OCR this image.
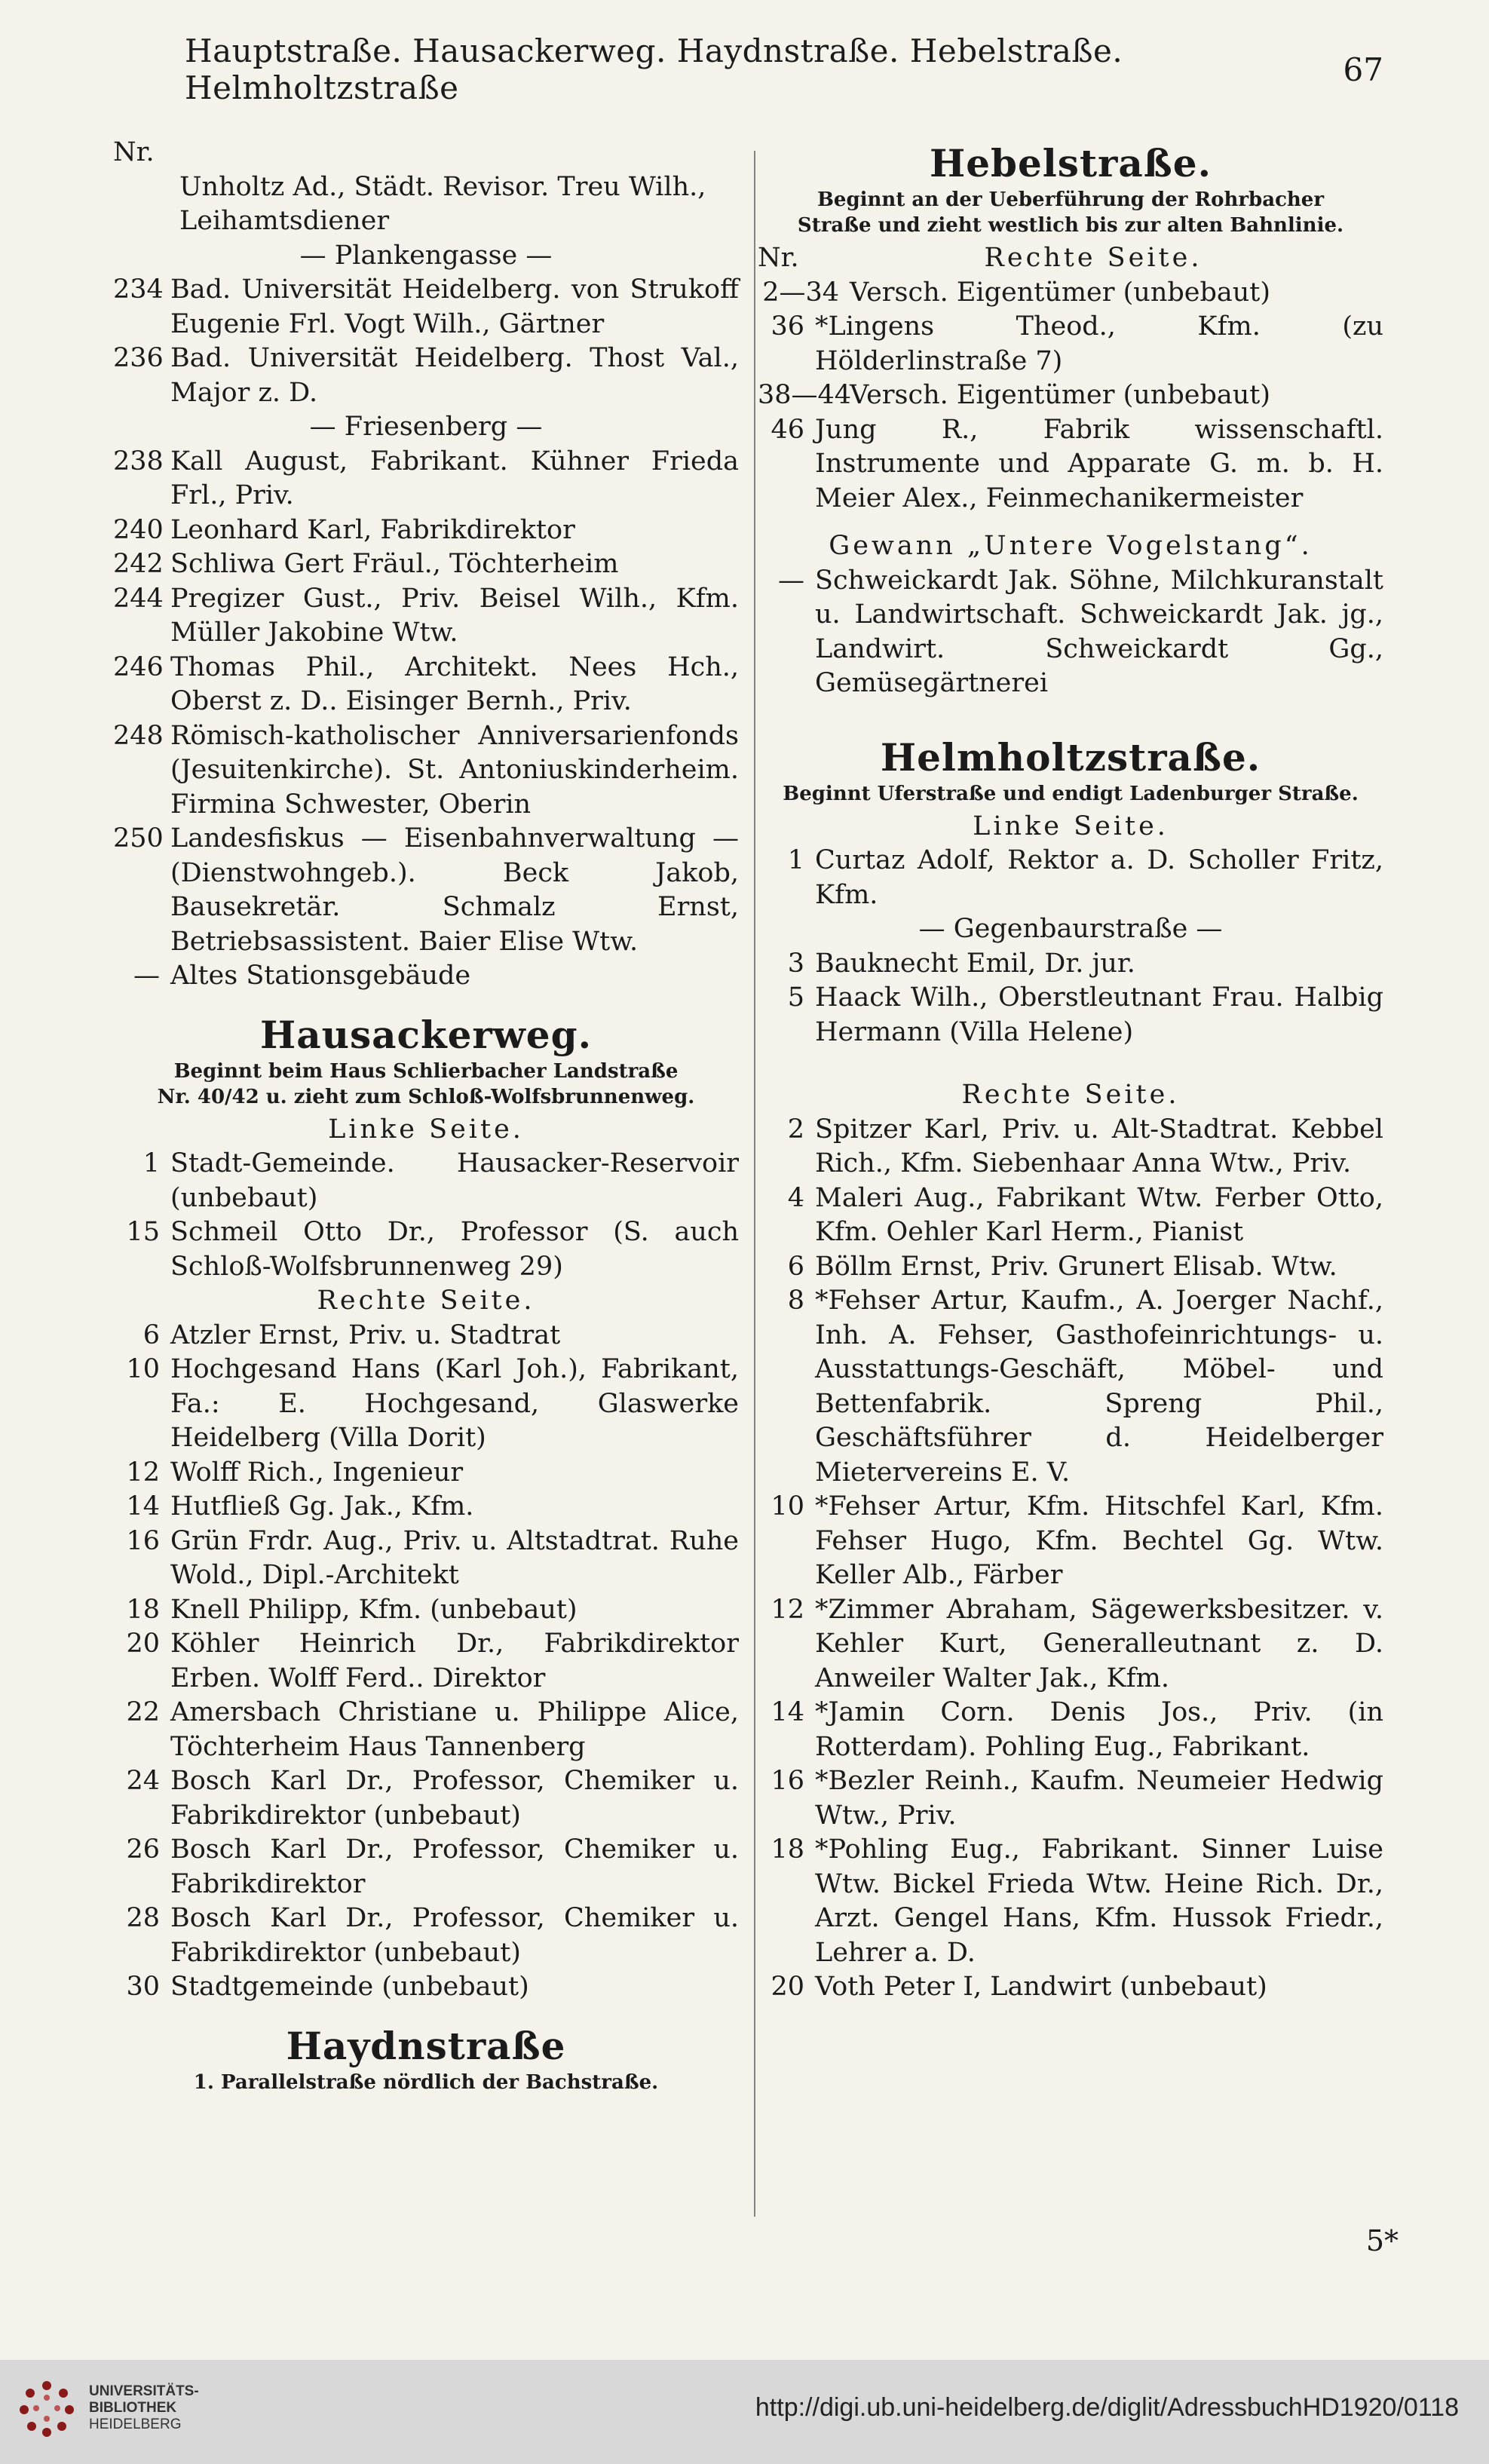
Hauptstraße. Hausackerweg. Haydnstraße. Hebelstraße. Helmholtzstraße	67
Nr.
Unholtz Ad., Städt. Revisor. Treu Wilh.,
Leihamtsdiener
— Plankengasse —
234 Bad. Universität Heidelberg. von Strukoff Eugenie Frl. Vogt Wilh., Gärtner
236 Bad. Universität Heidelberg. Thost Val., Major z. D.
— Friesenberg —
238 Kall August, Fabrikant. Kühner Frieda Frl., Priv.
240 Leonhard Karl, Fabrikdirektor
242 Schliwa Gert Fräul., Töchterheim
244 Pregizer Gust., Priv. Beisel Wilh., Kfm. Müller Jakobine Wtw.
246 Thomas Phil., Architekt. Nees Hch., Oberst z. D.. Eisinger Bernh., Priv.
248 Römisch-katholischer Anniversarienfonds (Jesuitenkirche). St. Antoniuskinderheim. Firmina Schwester, Oberin
250 Landesfiskus — Eisenbahnverwaltung — (Dienstwohngeb.). Beck Jakob, Bausekretär. Schmalz Ernst, Betriebsassistent. Baier Elise Wtw.
— Altes Stationsgebäude
Hausackerweg.
Beginnt beim Haus Schlierbacher Landstraße
Nr. 40/42 u. zieht zum Schloß-Wolfsbrunnenweg.
Linke Seite.
1 Stadt-Gemeinde. Hausacker-Reservoir (unbebaut)
15 Schmeil Otto Dr., Professor (S. auch Schloß-Wolfsbrunnenweg 29)
Rechte Seite.
6 Atzler Ernst, Priv. u. Stadtrat
10 Hochgesand Hans (Karl Joh.), Fabrikant, Fa.: E. Hochgesand, Glaswerke Heidelberg (Villa Dorit)
12 Wolff Rich., Ingenieur
14 Hutfließ Gg. Jak., Kfm.
16 Grün Frdr. Aug., Priv. u. Altstadtrat. Ruhe Wold., Dipl.-Architekt
18 Knell Philipp, Kfm. (unbebaut)
20 Köhler Heinrich Dr., Fabrikdirektor Erben. Wolff Ferd.. Direktor
22 Amersbach Christiane u. Philippe Alice, Töchterheim Haus Tannenberg
24 Bosch Karl Dr., Professor, Chemiker u. Fabrikdirektor (unbebaut)
26 Bosch Karl Dr., Professor, Chemiker u. Fabrikdirektor
28 Bosch Karl Dr., Professor, Chemiker u. Fabrikdirektor (unbebaut)
30 Stadtgemeinde (unbebaut)
Haydnstraße
1. Parallelstraße nördlich der Bachstraße.
Hebelstraße.
Beginnt an der Ueberführung der Rohrbacher
Straße und zieht westlich bis zur alten Bahnlinie.
Nr.	Rechte Seite.
2—34 Versch. Eigentümer (unbebaut)
36 *Lingens Theod., Kfm. (zu Hölderlinstraße 7)
38—44
Versch. Eigentümer (unbebaut)
46 Jung R., Fabrik wissenschaftl. Instrumente und Apparate G. m. b. H. Meier Alex., Feinmechanikermeister
Gewann „Untere Vogelstang“.
— Schweickardt Jak. Söhne, Milchkuranstalt u. Landwirtschaft. Schweickardt Jak. jg., Landwirt. Schweickardt Gg., Gemüsegärtnerei
Helmholtzstraße.
Beginnt Uferstraße und endigt Ladenburger Straße.
Linke Seite.
1 Curtaz Adolf, Rektor a. D. Scholler Fritz, Kfm.
— Gegenbaurstraße —
3 Bauknecht Emil, Dr. jur.
5 Haack Wilh., Oberstleutnant Frau. Halbig Hermann (Villa Helene)
Rechte Seite.
2 Spitzer Karl, Priv. u. Alt-Stadtrat. Kebbel Rich., Kfm. Siebenhaar Anna Wtw., Priv.
4 Maleri Aug., Fabrikant Wtw. Ferber Otto, Kfm. Oehler Karl Herm., Pianist
6 Böllm Ernst, Priv. Grunert Elisab. Wtw.
8 *Fehser Artur, Kaufm., A. Joerger Nachf., Inh. A. Fehser, Gasthofeinrichtungs- u. Ausstattungs-Geschäft, Möbel- und Bettenfabrik. Spreng Phil., Geschäftsführer d. Heidelberger Mietervereins E. V.
10 *Fehser Artur, Kfm. Hitschfel Karl, Kfm. Fehser Hugo, Kfm. Bechtel Gg. Wtw. Keller Alb., Färber
12 *Zimmer Abraham, Sägewerksbesitzer. v. Kehler Kurt, Generalleutnant z. D. Anweiler Walter Jak., Kfm.
14 *Jamin Corn. Denis Jos., Priv. (in Rotterdam). Pohling Eug., Fabrikant.
16 *Bezler Reinh., Kaufm. Neumeier Hedwig Wtw., Priv.
18 *Pohling Eug., Fabrikant. Sinner Luise Wtw. Bickel Frieda Wtw. Heine Rich. Dr., Arzt. Gengel Hans, Kfm. Hussok Friedr., Lehrer a. D.
20 Voth Peter I, Landwirt (unbebaut)
5*
UNIVERSITÄTS-
BIBLIOTHEK
HEIDELBERG
http://digi.ub.uni-heidelberg.de/diglit/AdressbuchHD1920/0118
